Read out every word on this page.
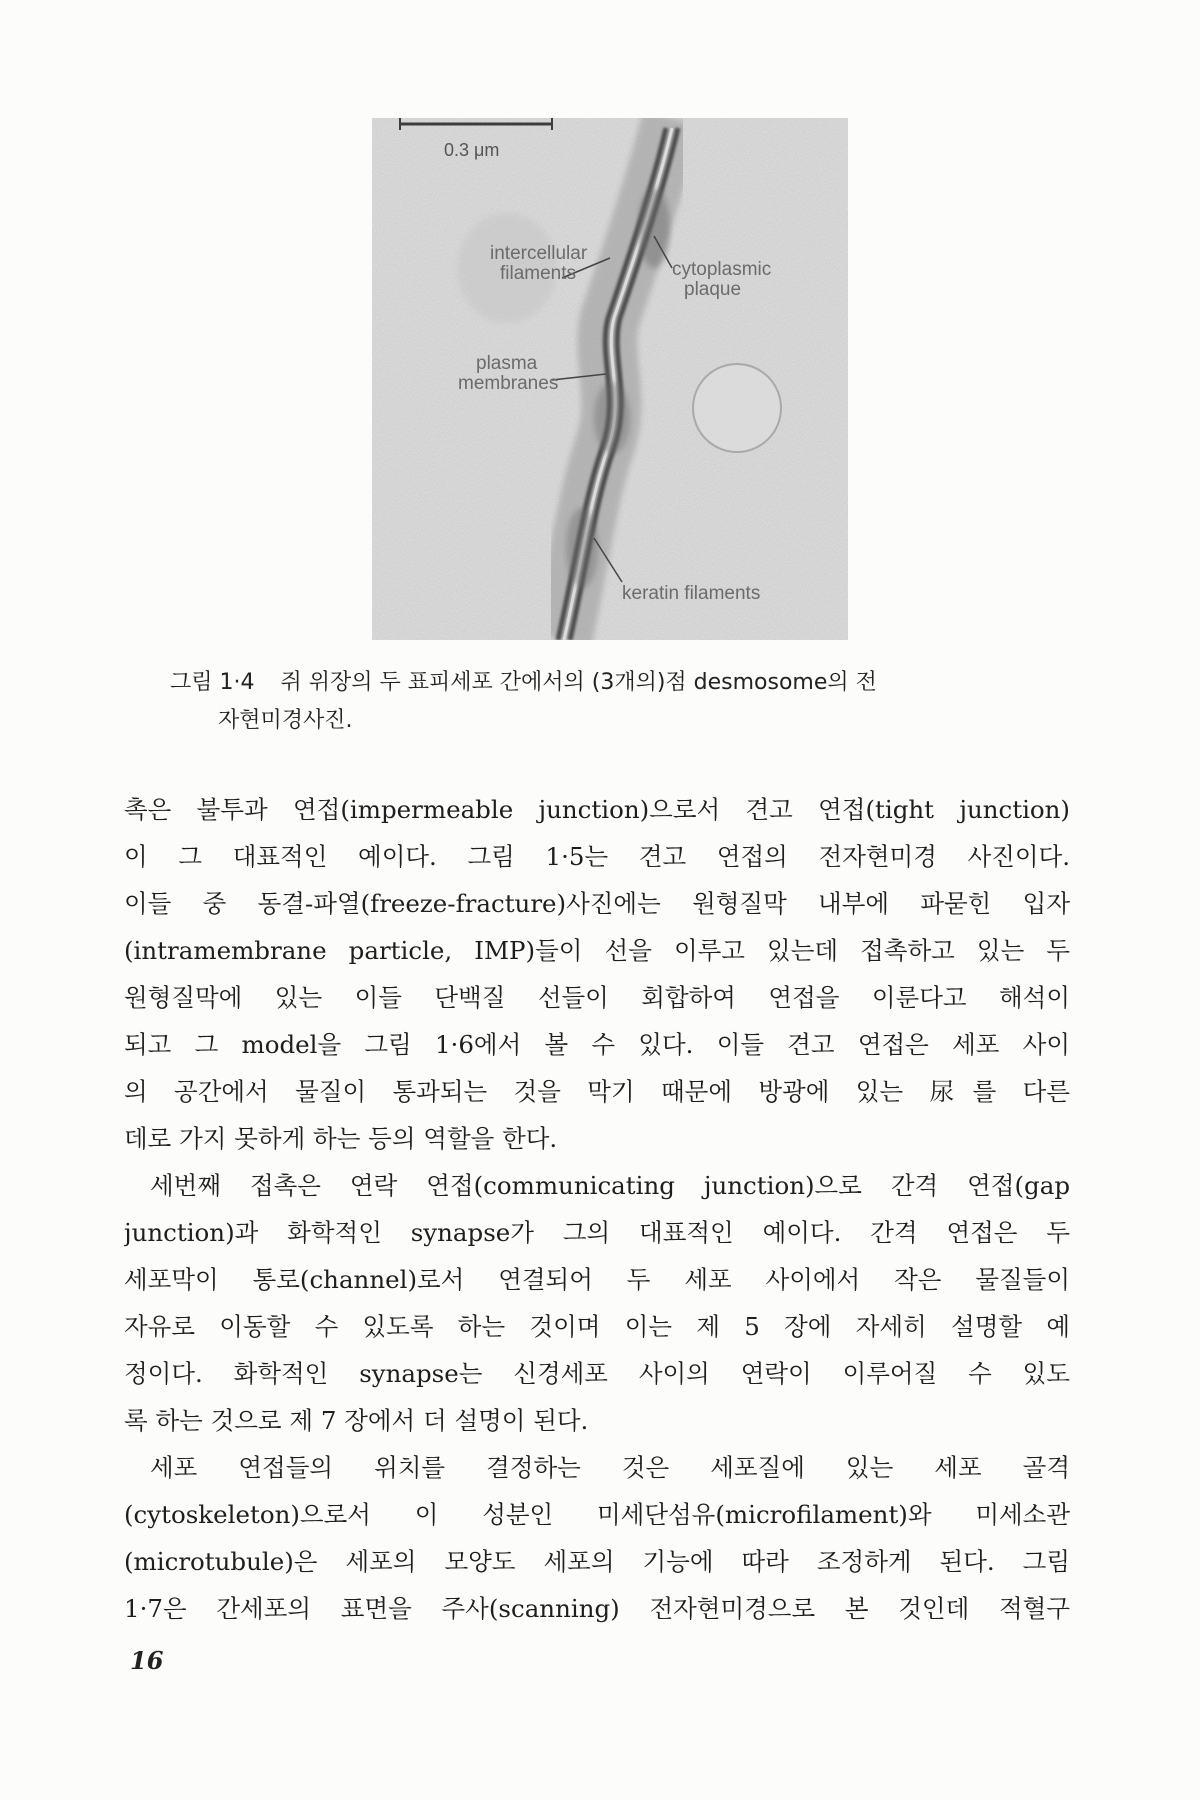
0.3 μm
intercellular
filaments	cytoplasmic
plaque
plasma
membranes
keratin filaments
그림 1·4 쥐 위장의 두 표피세포 간에서의 (3개의)점 desmosome의 전
자현미경사진.
촉은 불투과 연접(impermeable junction)으로서 견고 연접(tight junction)
이 그 대표적인 예이다. 그림 1·5는 견고 연접의 전자현미경 사진이다.
이들 중 동결-파열(freeze-fracture)사진에는 원형질막 내부에 파묻힌 입자
(intramembrane particle, IMP)들이 선을 이루고 있는데 접촉하고 있는 두
원형질막에 있는 이들 단백질 선들이 회합하여 연접을 이룬다고 해석이
되고 그 model을 그림 1·6에서 볼 수 있다. 이들 견고 연접은 세포 사이
의 공간에서 물질이 통과되는 것을 막기 때문에 방광에 있는 尿를 다른
데로 가지 못하게 하는 등의 역할을 한다.
세번째 접촉은 연락 연접(communicating junction)으로 간격 연접(gap
junction)과 화학적인 synapse가 그의 대표적인 예이다. 간격 연접은 두
세포막이 통로(channel)로서 연결되어 두 세포 사이에서 작은 물질들이
자유로 이동할 수 있도록 하는 것이며 이는 제 5 장에 자세히 설명할 예
정이다. 화학적인 synapse는 신경세포 사이의 연락이 이루어질 수 있도
록 하는 것으로 제 7 장에서 더 설명이 된다.
세포 연접들의 위치를 결정하는 것은 세포질에 있는 세포 골격
(cytoskeleton)으로서 이 성분인 미세단섬유(microfilament)와 미세소관
(microtubule)은 세포의 모양도 세포의 기능에 따라 조정하게 된다. 그림
1·7은 간세포의 표면을 주사(scanning) 전자현미경으로 본 것인데 적혈구
16
